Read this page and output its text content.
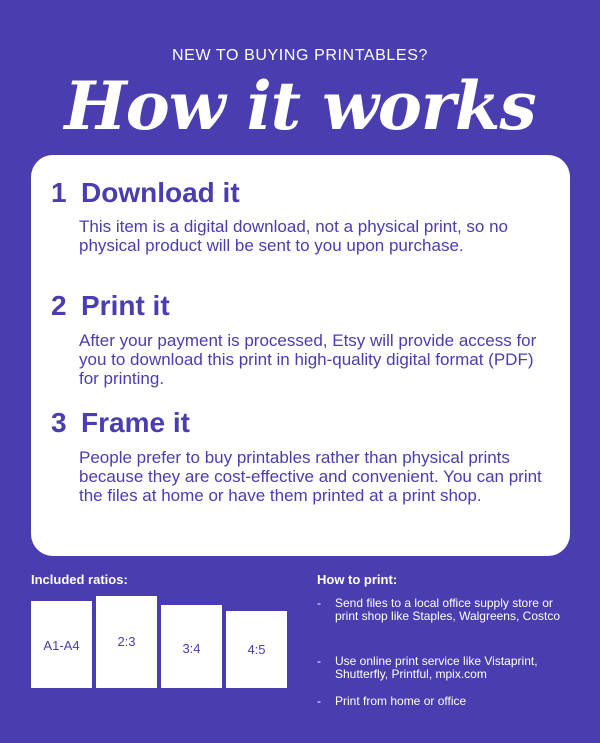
NEW TO BUYING PRINTABLES?
How it works
1 Download it

This item is a digital download, not a physical print, so no physical product will be sent to you upon purchase.

2 Print it

After your payment is processed, Etsy will provide access for you to download this print in high-quality digital format (PDF) for printing.

3 Frame it

People prefer to buy printables rather than physical prints because they are cost-effective and convenient. You can print the files at home or have them printed at a print shop.

Included ratios:
A1-A4	2:3	3:4	4:5
How to print:
- Send files to a local office supply store or print shop like Staples, Walgreens, Costco
- Use online print service like Vistaprint, Shutterfly, Printful, mpix.com
- Print from home or office
